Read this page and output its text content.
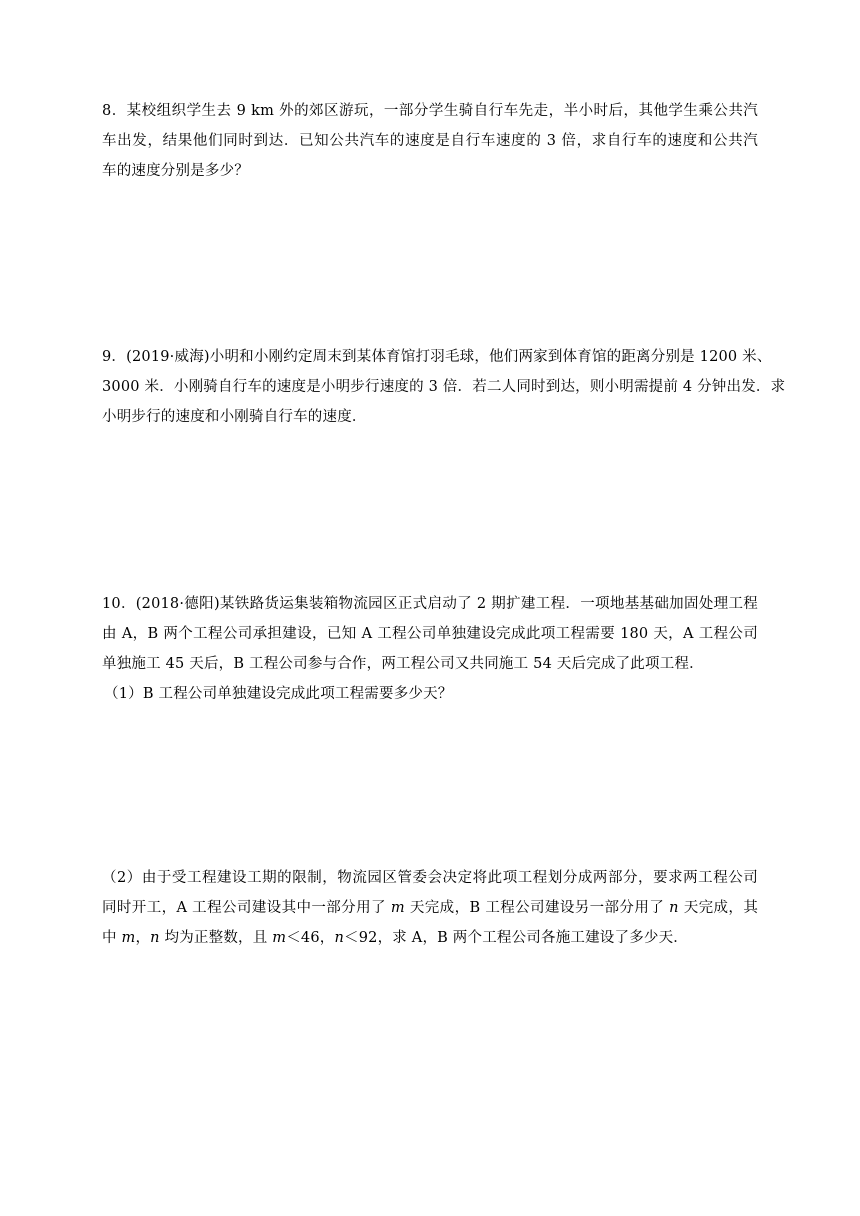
8．某校组织学生去 9 km 外的郊区游玩，一部分学生骑自行车先走，半小时后，其他学生乘公共汽
车出发，结果他们同时到达．已知公共汽车的速度是自行车速度的 3 倍，求自行车的速度和公共汽
车的速度分别是多少？
9．(2019·威海)小明和小刚约定周末到某体育馆打羽毛球，他们两家到体育馆的距离分别是 1200 米、
3000 米．小刚骑自行车的速度是小明步行速度的 3 倍．若二人同时到达，则小明需提前 4 分钟出发．求
小明步行的速度和小刚骑自行车的速度．
10．(2018·德阳)某铁路货运集装箱物流园区正式启动了 2 期扩建工程．一项地基基础加固处理工程
由 A，B 两个工程公司承担建设，已知 A 工程公司单独建设完成此项工程需要 180 天，A 工程公司
单独施工 45 天后，B 工程公司参与合作，两工程公司又共同施工 54 天后完成了此项工程．
（1）B 工程公司单独建设完成此项工程需要多少天？
（2）由于受工程建设工期的限制，物流园区管委会决定将此项工程划分成两部分，要求两工程公司
同时开工，A 工程公司建设其中一部分用了 m 天完成，B 工程公司建设另一部分用了 n 天完成，其
中 m，n 均为正整数，且 m＜46，n＜92，求 A，B 两个工程公司各施工建设了多少天．
